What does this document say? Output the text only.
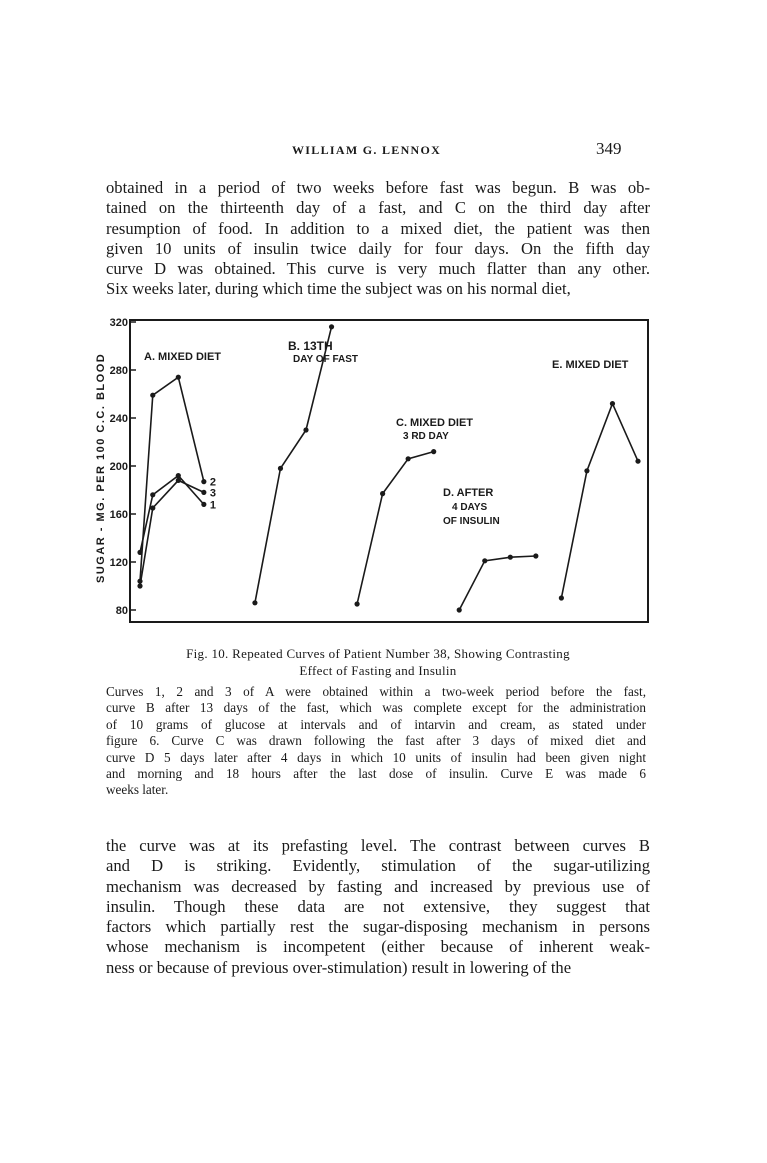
WILLIAM G. LENNOX	349

obtained in a period of two weeks before fast was begun. B was ob-
tained on the thirteenth day of a fast, and C on the third day after
resumption of food. In addition to a mixed diet, the patient was then
given 10 units of insulin twice daily for four days. On the fifth day
curve D was obtained. This curve is very much flatter than any other.
Six weeks later, during which time the subject was on his normal diet,

SUGAR - MG. PER 100 C.C. BLOOD
80
120
160
200
240
280
320
1
2
3
A. MIXED DIET
B. 13TH
DAY OF FAST
C. MIXED DIET
3 RD DAY
D. AFTER
4 DAYS
OF INSULIN
E. MIXED DIET
Fig. 10. Repeated Curves of Patient Number 38, Showing Contrasting
Effect of Fasting and Insulin

Curves 1, 2 and 3 of A were obtained within a two-week period before the fast,
curve B after 13 days of the fast, which was complete except for the administration
of 10 grams of glucose at intervals and of intarvin and cream, as stated under
figure 6. Curve C was drawn following the fast after 3 days of mixed diet and
curve D 5 days later after 4 days in which 10 units of insulin had been given night
and morning and 18 hours after the last dose of insulin. Curve E was made 6
weeks later.

the curve was at its prefasting level. The contrast between curves B
and D is striking. Evidently, stimulation of the sugar-utilizing
mechanism was decreased by fasting and increased by previous use of
insulin. Though these data are not extensive, they suggest that
factors which partially rest the sugar-disposing mechanism in persons
whose mechanism is incompetent (either because of inherent weak-
ness or because of previous over-stimulation) result in lowering of the
